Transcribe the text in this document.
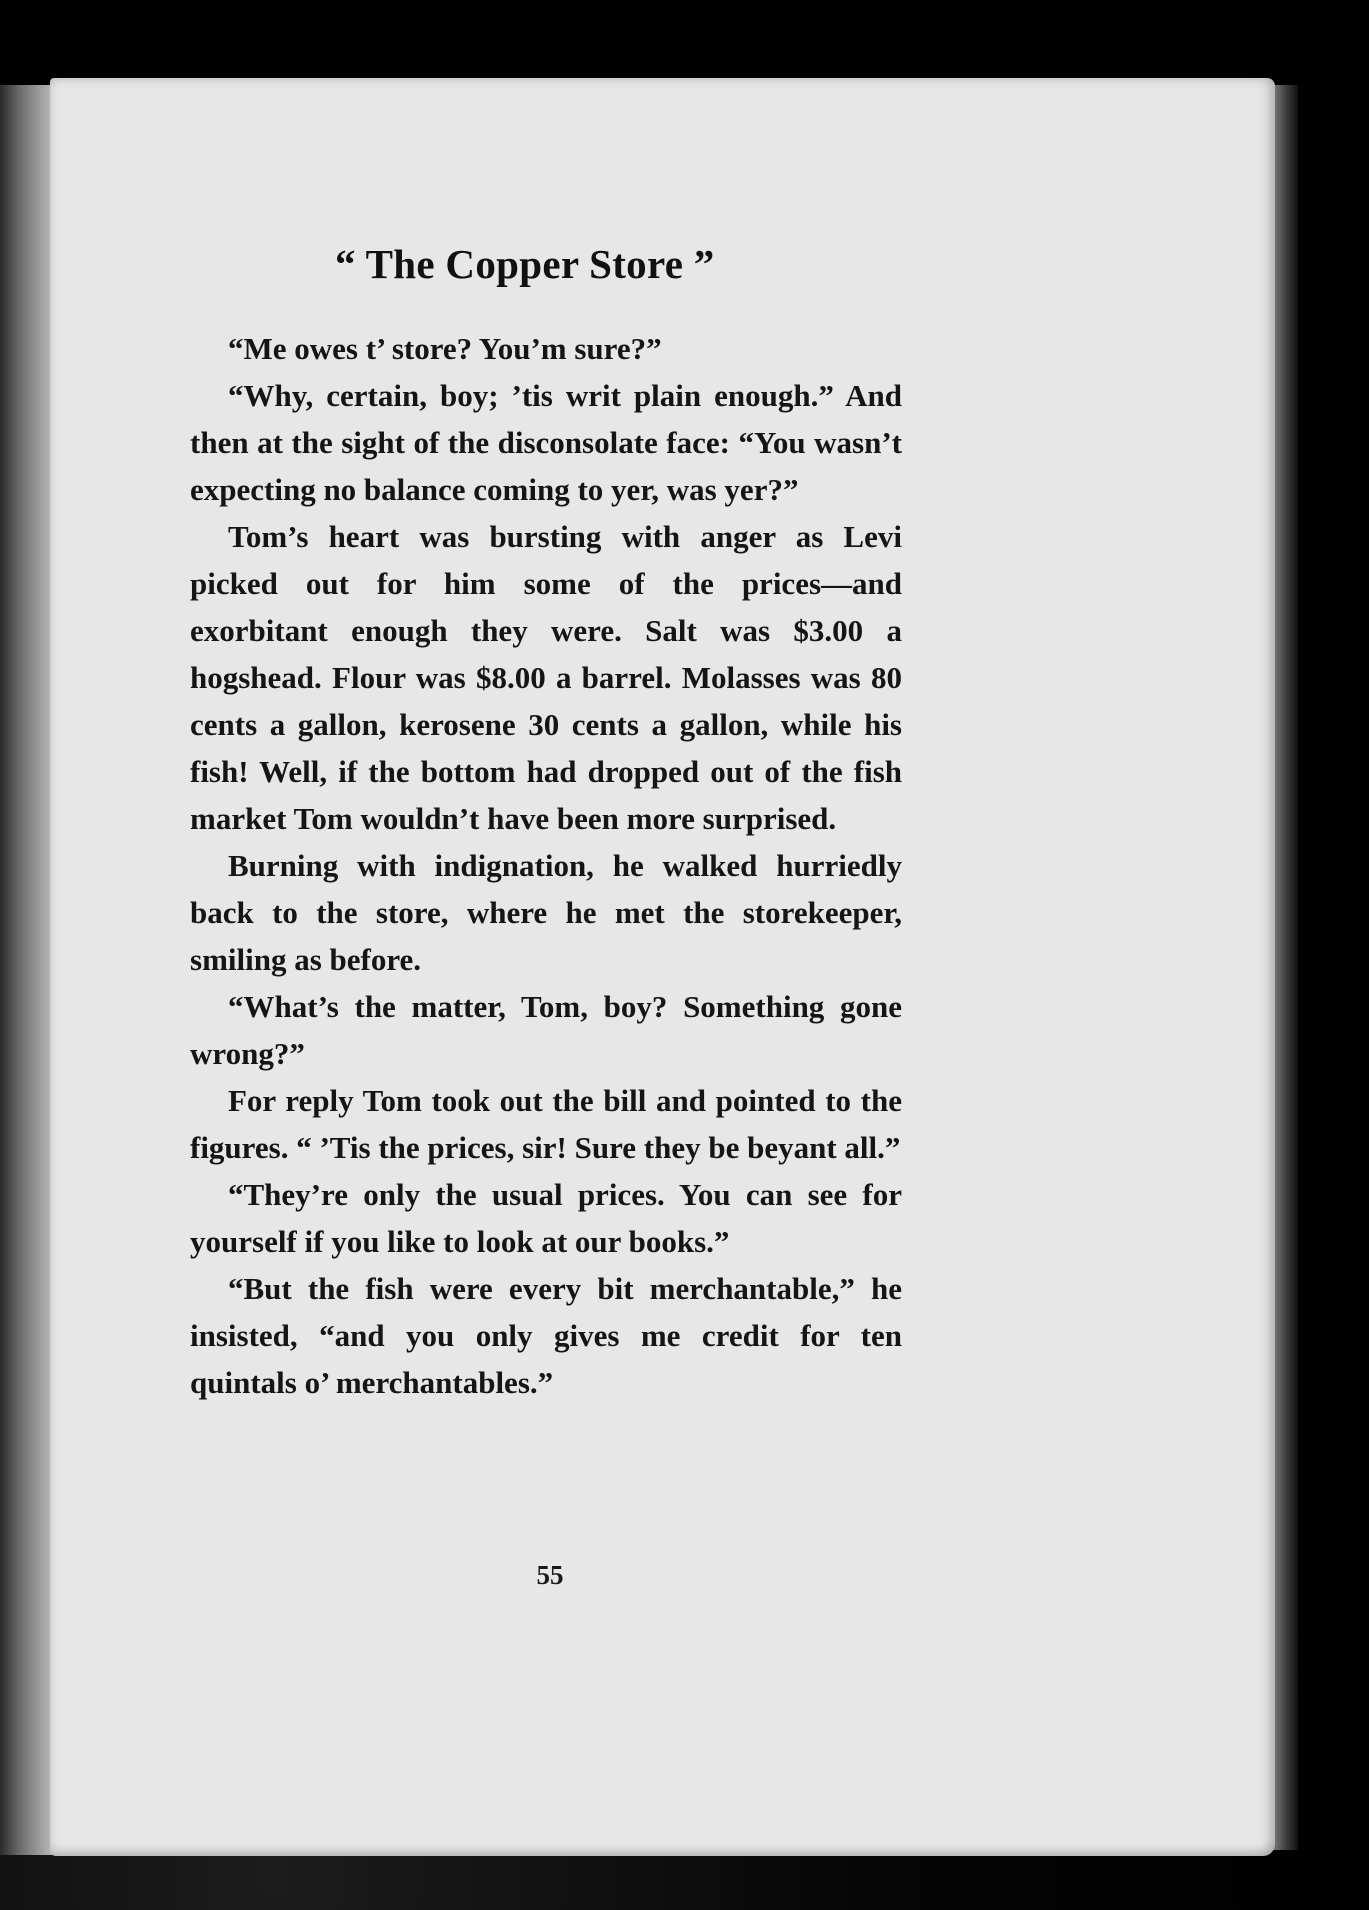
“ The Copper Store ”

“Me owes t’ store? You’m sure?”

“Why, certain, boy; ’tis writ plain enough.” And then at the sight of the disconsolate face: “You wasn’t expecting no balance coming to yer, was yer?”

Tom’s heart was bursting with anger as Levi picked out for him some of the prices—and exorbitant enough they were. Salt was $3.00 a hogshead. Flour was $8.00 a barrel. Molasses was 80 cents a gallon, kerosene 30 cents a gallon, while his fish! Well, if the bottom had dropped out of the fish market Tom wouldn’t have been more surprised.

Burning with indignation, he walked hurriedly back to the store, where he met the storekeeper, smiling as before.

“What’s the matter, Tom, boy? Something gone wrong?”

For reply Tom took out the bill and pointed to the figures. “ ’Tis the prices, sir! Sure they be beyant all.”

“They’re only the usual prices. You can see for yourself if you like to look at our books.”

“But the fish were every bit merchantable,” he insisted, “and you only gives me credit for ten quintals o’ merchantables.”

55
